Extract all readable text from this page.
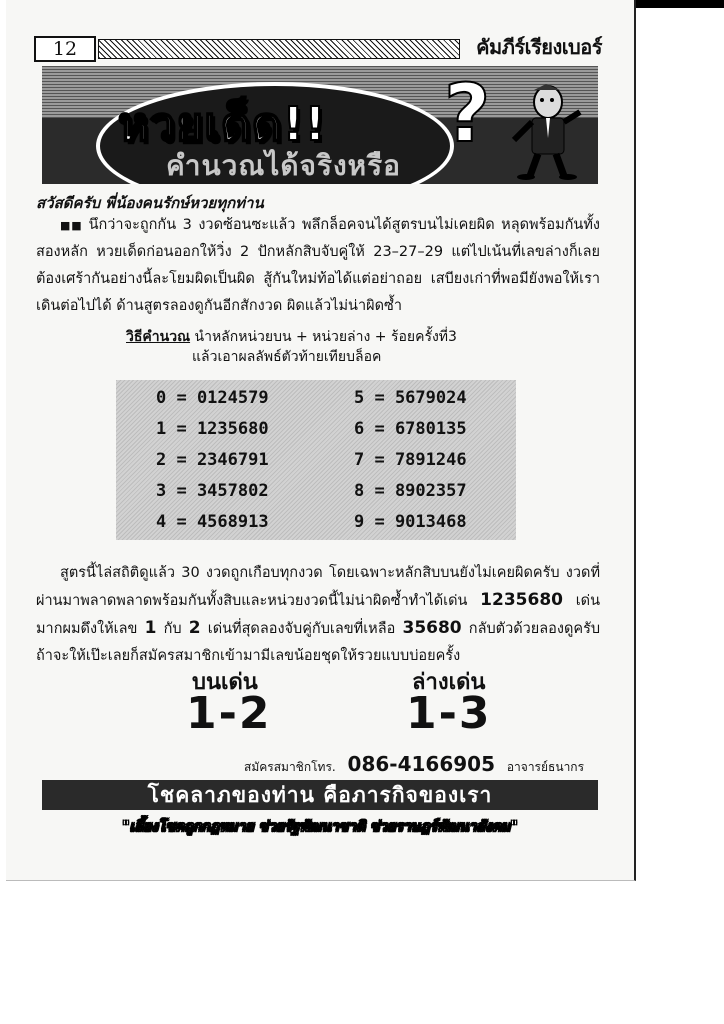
12	คัมภีร์เรียงเบอร์
หวยเด็ด!!
คำนวณได้จริงหรือ
?
สวัสดีครับ พี่น้องคนรักษ์หวยทุกท่าน
■■ นึกว่าจะถูกกัน 3 งวดซ้อนซะแล้ว พลึกล็อคจนได้สูตรบนไม่เคยผิด หลุดพร้อมกันทั้งสองหลัก หวยเด็ดก่อนออกให้วิ่ง 2 ปักหลักสิบจับคู่ให้ 23–27–29 แต่ไปเน้นที่เลขล่างก็เลยต้องเศร้ากันอย่างนี้ละโยมผิดเป็นผิด สู้กันใหม่ท้อได้แต่อย่าถอย เสบียงเก่าที่พอมียังพอให้เราเดินต่อไปได้ ด้านสูตรลองดูกันอีกสักงวด ผิดแล้วไม่น่าผิดซ้ำ
วิธีคำนวณ นำหลักหน่วยบน + หน่วยล่าง + ร้อยครั้งที่3
แล้วเอาผลลัพธ์ตัวท้ายเทียบล็อค
0 = 0124579	5 = 5679024
1 = 1235680	6 = 6780135
2 = 2346791	7 = 7891246
3 = 3457802	8 = 8902357
4 = 4568913	9 = 9013468
สูตรนี้ไล่สถิติดูแล้ว 30 งวดถูกเกือบทุกงวด โดยเฉพาะหลักสิบบนยังไม่เคยผิดครับ งวดที่ผ่านมาพลาดพลาดพร้อมกันทั้งสิบและหน่วยงวดนี้ไม่น่าผิดซ้ำทำได้เด่น 1235680 เด่นมากผมดึงให้เลข 1 กับ 2 เด่นที่สุดลองจับคู่กับเลขที่เหลือ 35680 กลับตัวด้วยลองดูครับ ถ้าจะให้เป๊ะเลยก็สมัครสมาชิกเข้ามามีเลขน้อยชุดให้รวยแบบบ่อยครั้ง
บนเด่น	ล่างเด่น
1-2	1-3
สมัครสมาชิกโทร. 086-4166905 อาจารย์ธนากร
โชคลาภของท่าน คือภารกิจของเรา
"เลี้ยงโชคถูกกฎหมาย ช่วยรัฐพัฒนาชาติ ช่วยราษฎร์พัฒนาสังคม"
